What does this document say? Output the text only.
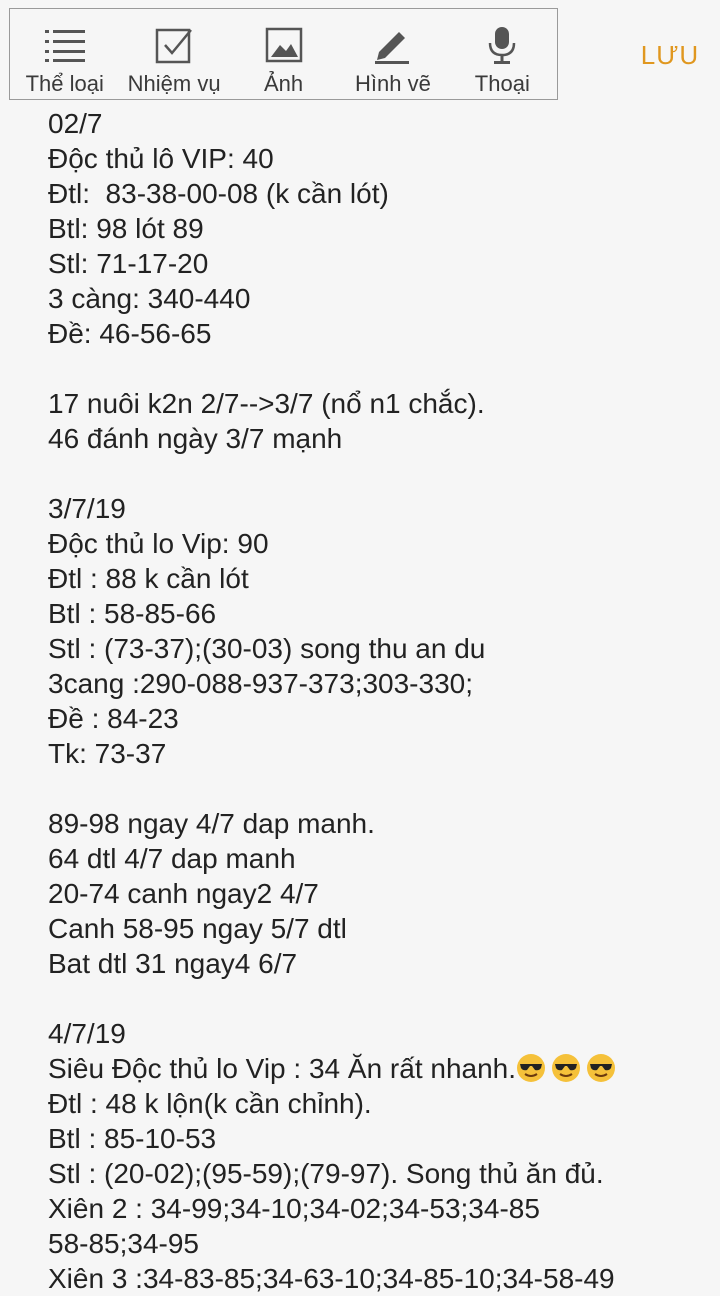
Thể loại Nhiệm vụ Ảnh Hình vẽ Thoại
LƯU
02/7
Độc thủ lô VIP: 40
Đtl:  83-38-00-08 (k cần lót)
Btl: 98 lót 89
Stl: 71-17-20
3 càng: 340-440
Đề: 46-56-65
17 nuôi k2n 2/7-->3/7 (nổ n1 chắc).
46 đánh ngày 3/7 mạnh
3/7/19
Độc thủ lo Vip: 90
Đtl : 88 k cần lót
Btl : 58-85-66
Stl : (73-37);(30-03) song thu an du
3cang :290-088-937-373;303-330;
Đề : 84-23
Tk: 73-37
89-98 ngay 4/7 dap manh.
64 dtl 4/7 dap manh
20-74 canh ngay2 4/7
Canh 58-95 ngay 5/7 dtl
Bat dtl 31 ngay4 6/7
4/7/19
Siêu Độc thủ lo Vip : 34 Ăn rất nhanh.
Đtl : 48 k lộn(k cần chỉnh).
Btl : 85-10-53
Stl : (20-02);(95-59);(79-97). Song thủ ăn đủ.
Xiên 2 : 34-99;34-10;34-02;34-53;34-85
58-85;34-95
Xiên 3 :34-83-85;34-63-10;34-85-10;34-58-49
